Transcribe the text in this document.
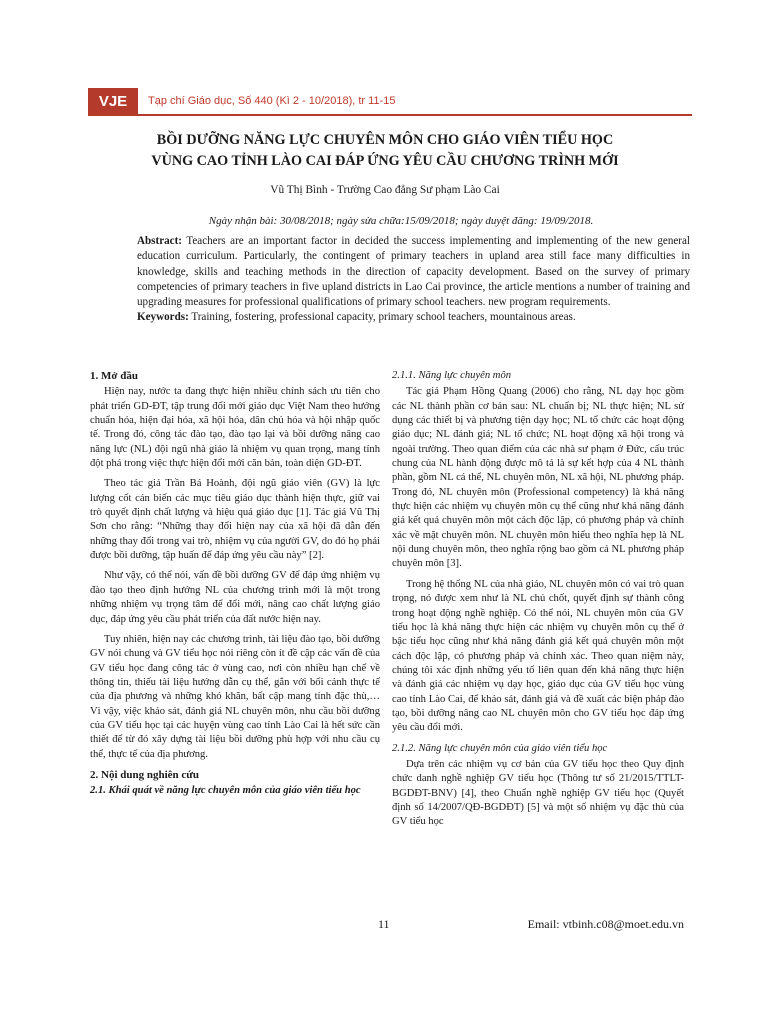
VJE	Tạp chí Giáo dục, Số 440 (Kì 2 - 10/2018), tr 11-15
BỒI DƯỠNG NĂNG LỰC CHUYÊN MÔN CHO GIÁO VIÊN TIỂU HỌC
VÙNG CAO TỈNH LÀO CAI ĐÁP ỨNG YÊU CẦU CHƯƠNG TRÌNH MỚI
Vũ Thị Bình - Trường Cao đẳng Sư phạm Lào Cai
Ngày nhận bài: 30/08/2018; ngày sửa chữa:15/09/2018; ngày duyệt đăng: 19/09/2018.
Abstract: Teachers are an important factor in decided the success implementing and implementing of the new general education curriculum. Particularly, the contingent of primary teachers in upland area still face many difficulties in knowledge, skills and teaching methods in the direction of capacity development. Based on the survey of primary competencies of primary teachers in five upland districts in Lao Cai province, the article mentions a number of training and upgrading measures for professional qualifications of primary school teachers. new program requirements.
Keywords: Training, fostering, professional capacity, primary school teachers, mountainous areas.
1. Mở đầu

Hiện nay, nước ta đang thực hiện nhiều chính sách ưu tiên cho phát triển GD-ĐT, tập trung đổi mới giáo dục Việt Nam theo hướng chuẩn hóa, hiện đại hóa, xã hội hóa, dân chủ hóa và hội nhập quốc tế. Trong đó, công tác đào tạo, đào tạo lại và bồi dưỡng nâng cao năng lực (NL) đội ngũ nhà giáo là nhiệm vụ quan trọng, mang tính đột phá trong việc thực hiện đổi mới căn bản, toàn diện GD-ĐT.

Theo tác giả Trần Bá Hoành, đội ngũ giáo viên (GV) là lực lượng cốt cán biến các mục tiêu giáo dục thành hiện thực, giữ vai trò quyết định chất lượng và hiệu quả giáo dục [1]. Tác giả Vũ Thị Sơn cho rằng: “Những thay đổi hiện nay của xã hội đã dẫn đến những thay đổi trong vai trò, nhiệm vụ của người GV, do đó họ phải được bồi dưỡng, tập huấn để đáp ứng yêu cầu này” [2].

Như vậy, có thể nói, vấn đề bồi dưỡng GV để đáp ứng nhiệm vụ đào tạo theo định hướng NL của chương trình mới là một trong những nhiệm vụ trọng tâm để đổi mới, nâng cao chất lượng giáo dục, đáp ứng yêu cầu phát triển của đất nước hiện nay.

Tuy nhiên, hiện nay các chương trình, tài liệu đào tạo, bồi dưỡng GV nói chung và GV tiểu học nói riêng còn ít đề cập các vấn đề của GV tiểu học đang công tác ở vùng cao, nơi còn nhiều hạn chế về thông tin, thiếu tài liệu hướng dẫn cụ thể, gắn với bối cảnh thực tế của địa phương và những khó khăn, bất cập mang tính đặc thù,… Vì vậy, việc khảo sát, đánh giá NL chuyên môn, nhu cầu bồi dưỡng của GV tiểu học tại các huyện vùng cao tỉnh Lào Cai là hết sức cần thiết để từ đó xây dựng tài liệu bồi dưỡng phù hợp với nhu cầu cụ thể, thực tế của địa phương.

2. Nội dung nghiên cứu
2.1. Khái quát về năng lực chuyên môn của giáo viên tiểu học
2.1.1. Năng lực chuyên môn

Tác giả Phạm Hồng Quang (2006) cho rằng, NL dạy học gồm các NL thành phần cơ bản sau: NL chuẩn bị; NL thực hiện; NL sử dụng các thiết bị và phương tiện dạy học; NL tổ chức các hoạt động giáo dục; NL đánh giá; NL tổ chức; NL hoạt động xã hội trong và ngoài trường. Theo quan điểm của các nhà sư phạm ở Đức, cấu trúc chung của NL hành động được mô tả là sự kết hợp của 4 NL thành phần, gồm NL cá thể, NL chuyên môn, NL xã hội, NL phương pháp. Trong đó, NL chuyên môn (Professional competency) là khả năng thực hiện các nhiệm vụ chuyên môn cụ thể cũng như khả năng đánh giá kết quả chuyên môn một cách độc lập, có phương pháp và chính xác về mặt chuyên môn. NL chuyên môn hiểu theo nghĩa hẹp là NL nội dung chuyên môn, theo nghĩa rộng bao gồm cả NL phương pháp chuyên môn [3].

Trong hệ thống NL của nhà giáo, NL chuyên môn có vai trò quan trọng, nó được xem như là NL chủ chốt, quyết định sự thành công trong hoạt động nghề nghiệp. Có thể nói, NL chuyên môn của GV tiểu học là khả năng thực hiện các nhiệm vụ chuyên môn cụ thể ở bậc tiểu học cũng như khả năng đánh giá kết quả chuyên môn một cách độc lập, có phương pháp và chính xác. Theo quan niệm này, chúng tôi xác định những yếu tố liên quan đến khả năng thực hiện và đánh giá các nhiệm vụ dạy học, giáo dục của GV tiểu học vùng cao tỉnh Lào Cai, để khảo sát, đánh giá và đề xuất các biện pháp đào tạo, bồi dưỡng nâng cao NL chuyên môn cho GV tiểu học đáp ứng yêu cầu đổi mới.

2.1.2. Năng lực chuyên môn của giáo viên tiểu học

Dựa trên các nhiệm vụ cơ bản của GV tiểu học theo Quy định chức danh nghề nghiệp GV tiểu học (Thông tư số 21/2015/TTLT-BGDĐT-BNV) [4], theo Chuẩn nghề nghiệp GV tiểu học (Quyết định số 14/2007/QĐ-BGDĐT) [5] và một số nhiệm vụ đặc thù của GV tiểu học

11	Email: vtbinh.c08@moet.edu.vn
